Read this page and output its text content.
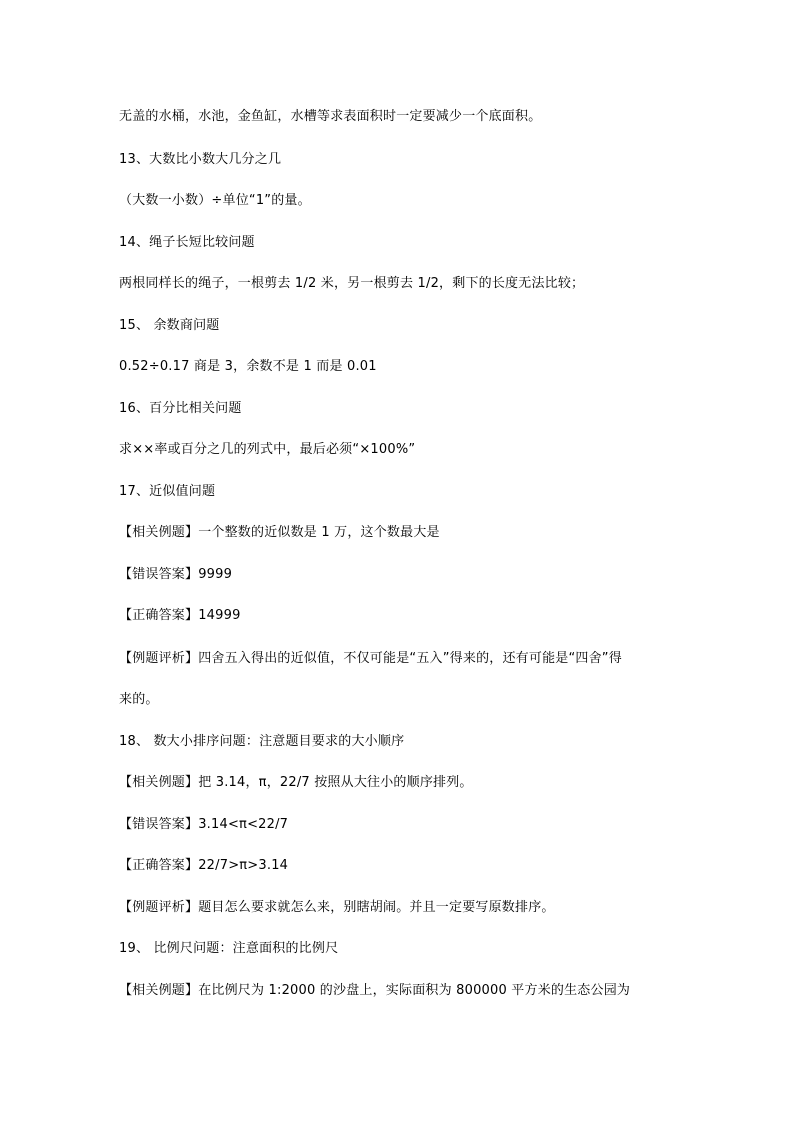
无盖的水桶，水池，金鱼缸，水槽等求表面积时一定要减少一个底面积。
13、大数比小数大几分之几
（大数一小数）÷单位“1”的量。
14、绳子长短比较问题
两根同样长的绳子，一根剪去 1/2 米，另一根剪去 1/2，剩下的长度无法比较；
15、 余数商问题
0.52÷0.17 商是 3，余数不是 1 而是 0.01
16、百分比相关问题
求××率或百分之几的列式中，最后必须“×100%”
17、近似值问题
【相关例题】一个整数的近似数是 1 万，这个数最大是
【错误答案】9999
【正确答案】14999
【例题评析】四舍五入得出的近似值，不仅可能是“五入”得来的，还有可能是“四舍”得
来的。
18、 数大小排序问题：注意题目要求的大小顺序
【相关例题】把 3.14，π，22/7 按照从大往小的顺序排列。
【错误答案】3.14<π<22/7
【正确答案】22/7>π>3.14
【例题评析】题目怎么要求就怎么来，别瞎胡闹。并且一定要写原数排序。
19、 比例尺问题：注意面积的比例尺
【相关例题】在比例尺为 1:2000 的沙盘上，实际面积为 800000 平方米的生态公园为
